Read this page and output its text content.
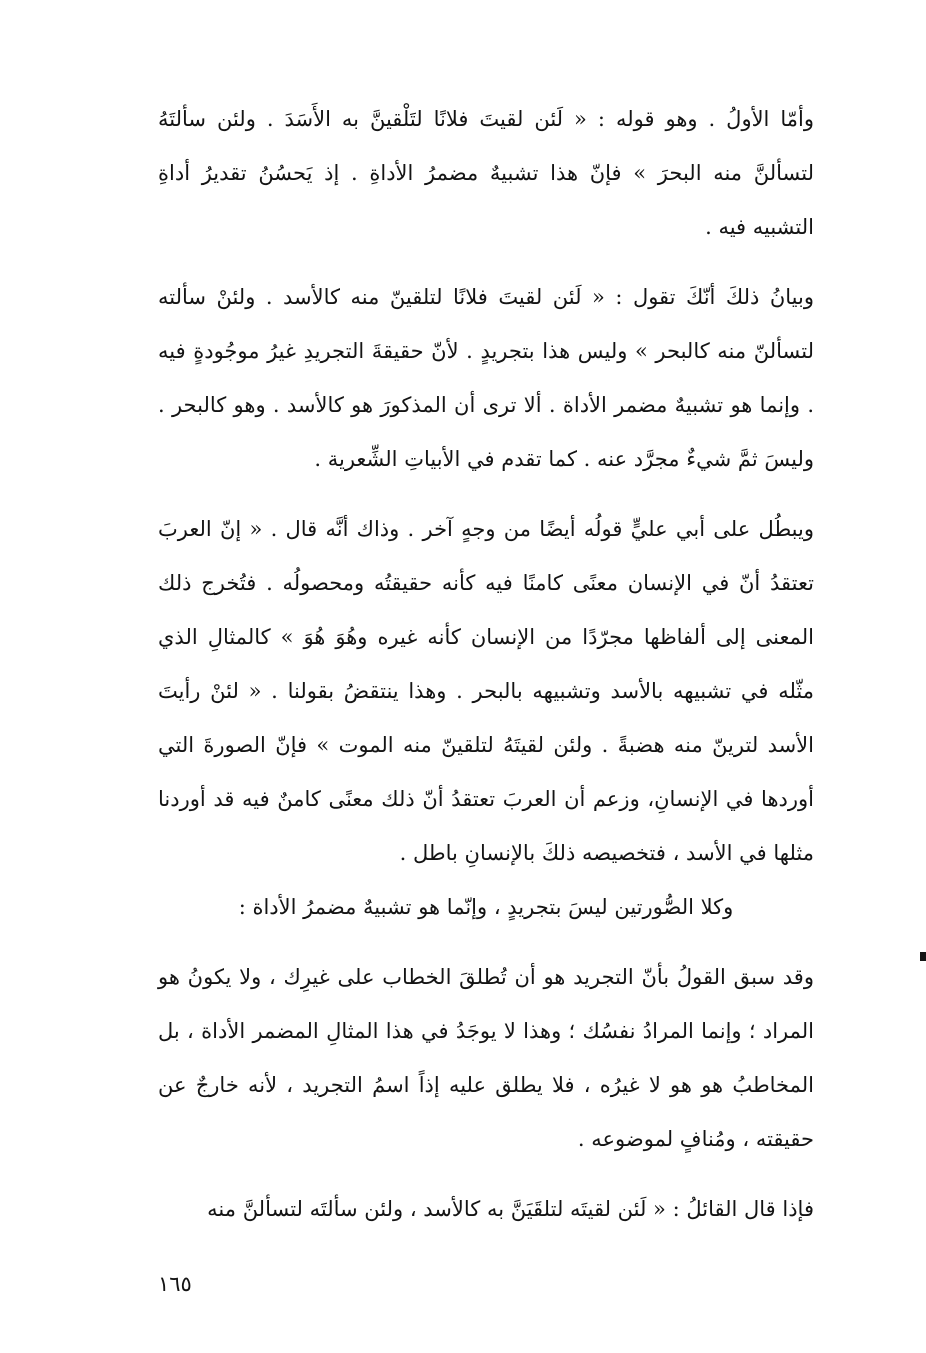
وأمّا الأولُ . وهو قوله : « لَئن لقيتَ فلانًا لتَلْقينَّ به الأَسَدَ . ولئن سألتَهُ لتسألنَّ منه البحرَ » فإنّ هذا تشبيهٌ مضمرُ الأداةِ . إذ يَحسُنُ تقديرُ أداةِ التشبيه فيه .

وبيانُ ذلكَ أنّكَ تقول : « لَئن لقيتَ فلانًا لتلقينّ منه كالأسد . ولئنْ سألته لتسألنّ منه كالبحر » وليس هذا بتجريدٍ . لأنّ حقيقةَ التجريدِ غيرُ موجُودةٍ فيه . وإنما هو تشبيهٌ مضمر الأداة . ألا ترى أن المذكورَ هو كالأسد . وهو كالبحر . وليسَ ثمَّ شيءٌ مجرَّد عنه . كما تقدم في الأبياتِ الشِّعرية .

ويبطُل على أبي عليٍّ قولُه أيضًا من وجهٍ آخر . وذاك أنَّه قال . « إنّ العربَ تعتقدُ أنّ في الإنسان معنًى كامنًا فيه كأنه حقيقتُه ومحصولُه . فتُخرج ذلك المعنى إلى ألفاظها مجرّدًا من الإنسان كأنه غيره وهُوَ هُوَ » كالمثالِ الذي مثّله في تشبيهه بالأسد وتشبيهه بالبحر . وهذا ينتقضُ بقولنا . « لئنْ رأيتَ الأسد لترينّ منه هضبةً . ولئن لقيتَهُ لتلقينّ منه الموت » فإنّ الصورةَ التي أوردها في الإنسانِ، وزعم أن العربَ تعتقدُ أنّ ذلك معنًى كامنٌ فيه قد أوردنا مثلها في الأسد ، فتخصيصه ذلكَ بالإنسانِ باطل .

وكلا الصُّورتين ليسَ بتجريدٍ ، وإنّما هو تشبيهٌ مضمرُ الأداة :

وقد سبق القولُ بأنّ التجريد هو أن تُطلقَ الخطاب على غيرِك ، ولا يكونُ هو المراد ؛ وإنما المرادُ نفسُك ؛ وهذا لا يوجَدُ في هذا المثالِ المضمر الأداة ، بل المخاطبُ هو هو لا غيرُه ، فلا يطلق عليه إذاً اسمُ التجريد ، لأنه خارجٌ عن حقيقته ، ومُنافٍ لموضوعه .

فإذا قال القائلُ : « لَئن لقيتَه لتلقَيَنَّ به كالأسد ، ولئن سألتَه لتسألنَّ منه

١٦٥
